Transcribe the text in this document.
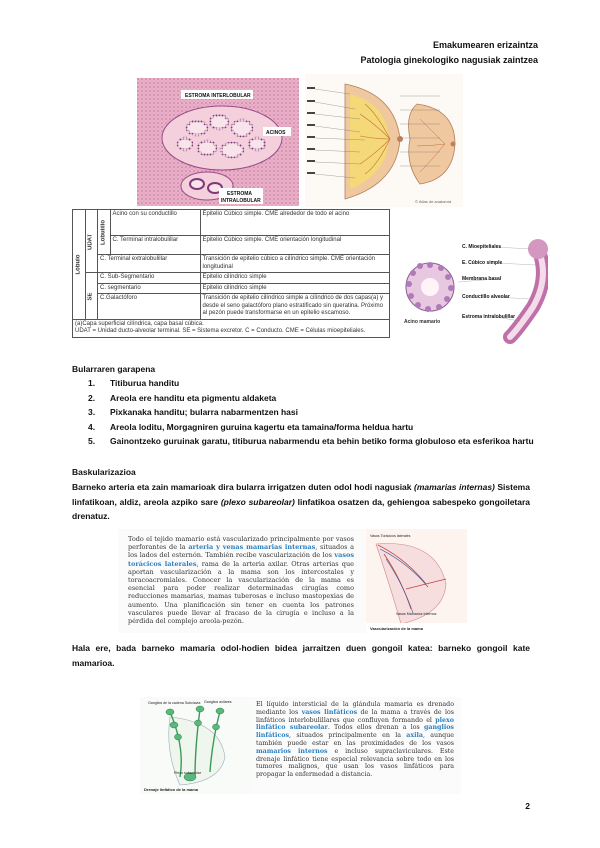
Emakumearen erizaintza
Patologia ginekologiko nagusiak zaintzea
ESTROMA INTERLOBULAR
ACINOS
ESTROMA
INTRALOBULAR	© Atlas de anatomía
Lóbulo	UDAT	Lobulillo	Acino con su conductillo	Epitelio Cúbico simple. CME alrededor de todo el acino
			C. Terminal intralobulillar	Epitelio Cúbico simple. CME orientación longitudinal
		C. Terminal extralobulillar		Transición de epitelio cúbico a cilíndrico simple. CME orientación longitudinal
	SE	C. Sub-Segmentario		Epitelio cilíndrico simple
		C. segmentario		Epitelio cilíndrico simple
		C.Galactóforo		Transición de epitelio cilíndrico simple a cilíndrico de dos capas(a) y desde el seno galactóforo plano estratificado sin queratina. Próximo al pezón puede transformarse en un epitelio escamoso.
(a)Capa superficial cilíndrica, capa basal cúbica.
UDAT = Unidad ducto-alveolar terminal. SE = Sistema excretor. C = Conducto. CME = Células mioepiteliales.				
Acino mamario
C. Mioepiteliales
E. Cúbico simple
Membrana basal
Conductillo alveolar
Estroma intralobulillar
Bularraren garapena
1. Titiburua handitu
2. Areola ere handitu eta pigmentu aldaketa
3. Pixkanaka handitu; bularra nabarmentzen hasi
4. Areola loditu, Morgagniren guruina kagertu eta tamaina/forma heldua hartu
5. Gainontzeko guruinak garatu, titiburua nabarmendu eta behin betiko forma globuloso eta esferikoa hartu
Baskularizazioa

Barneko arteria eta zain mamarioak dira bularra irrigatzen duten odol hodi nagusiak (mamarias internas) Sistema linfatikoan, aldiz, areola azpiko sare (plexo subareolar) linfatikoa osatzen da, gehiengoa sabespeko gongoiletara drenatuz.

Todo el tejido mamario está vascularizado principalmente por vasos perforantes de la arteria y venas mamarias internas, situados a los lados del esternón. También recibe vascularización de los vasos torácicos laterales, rama de la arteria axilar. Otras arterias que aportan vascularización a la mama son los intercostales y toracoacromiales. Conocer la vascularización de la mama es esencial para poder realizar determinadas cirugías como reducciones mamarias, mamas tuberosas e incluso mastopexias de aumento. Una planificación sin tener en cuenta los patrones vasculares puede llevar al fracaso de la cirugía e incluso a la pérdida del complejo areola-pezón.
Vasos Torácicos laterales
Vasos Mamarios Internos
Vascularización de la mama

Hala ere, bada barneko mamaria odol-hodien bidea jarraitzen duen gongoil katea: barneko gongoil kate mamarioa.

Ganglios de la cadena Subclavia Ganglios axilares
Plexo subareolar
Drenaje linfático de la mama
El líquido intersticial de la glándula mamaria es drenado mediante los vasos linfáticos de la mama a través de los linfáticos interlobulillares que confluyen formando el plexo linfático subareolar. Todos ellos drenan a los ganglios linfáticos, situados principalmente en la axila, aunque también puede estar en las proximidades de los vasos mamarios internos e incluso supraclaviculares. Este drenaje linfático tiene especial relevancia sobre todo en los tumores malignos, que usan los vasos linfáticos para propagar la enfermedad a distancia.
2
